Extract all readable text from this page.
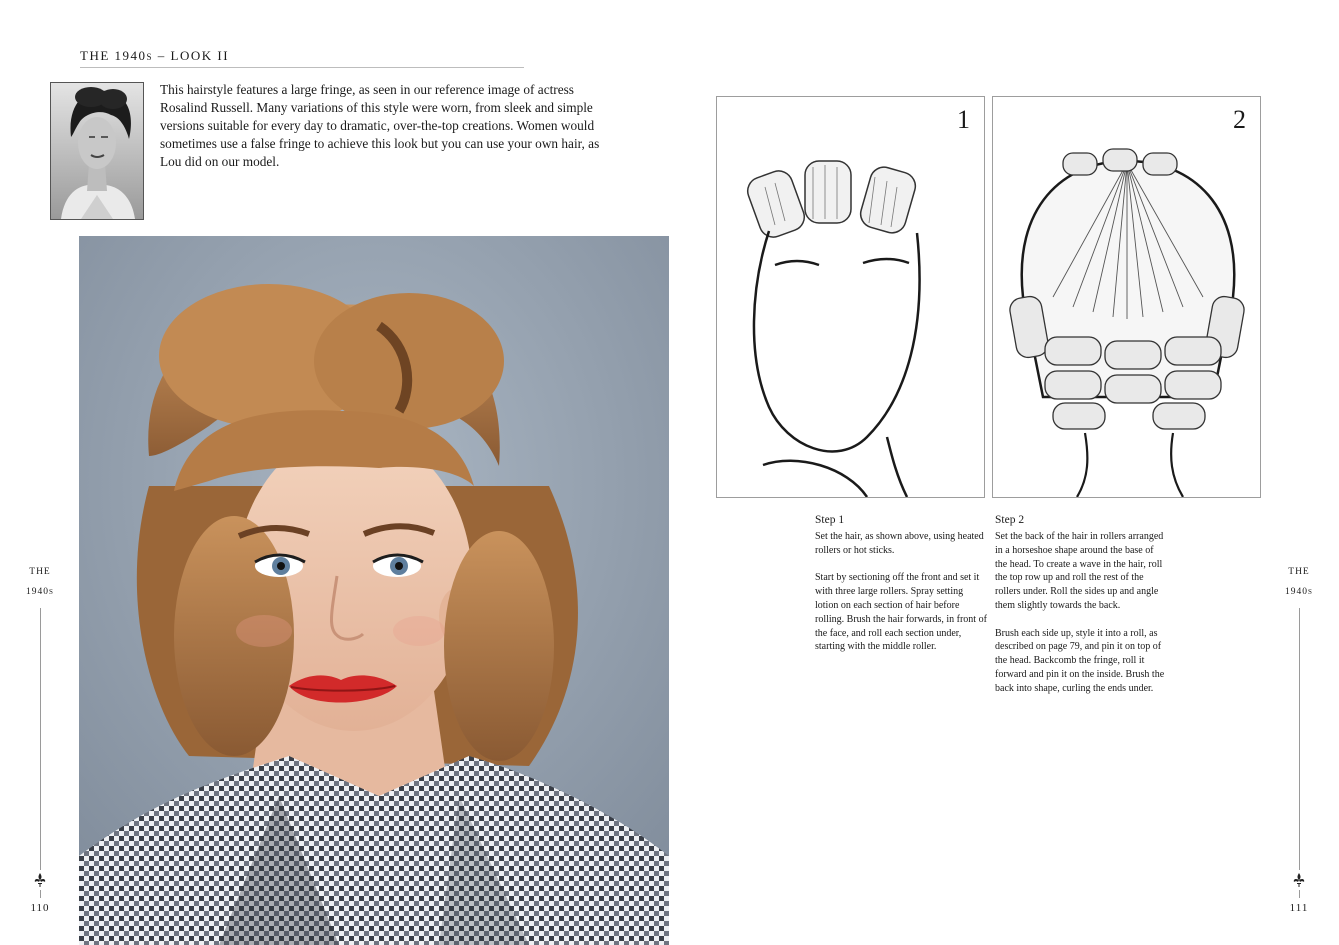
THE 1940s – LOOK II

This hairstyle features a large fringe, as seen in our reference image of actress Rosalind Russell. Many variations of this style were worn, from sleek and simple versions suitable for every day to dramatic, over-the-top creations. Women would sometimes use a false fringe to achieve this look but you can use your own hair, as Lou did on our model.

1	2
Step 1

Set the hair, as shown above, using heated rollers or hot sticks.

Start by sectioning off the front and set it with three large rollers. Spray setting lotion on each section of hair before rolling. Brush the hair forwards, in front of the face, and roll each section under, starting with the middle roller.

Step 2

Set the back of the hair in rollers arranged in a horseshoe shape around the base of the head. To create a wave in the hair, roll the top row up and roll the rest of the rollers under. Roll the sides up and angle them slightly towards the back.

Brush each side up, style it into a roll, as described on page 79, and pin it on top of the head. Backcomb the fringe, roll it forward and pin it on the inside. Brush the back into shape, curling the ends under.

THE
1940s
110
THE
1940s
111
